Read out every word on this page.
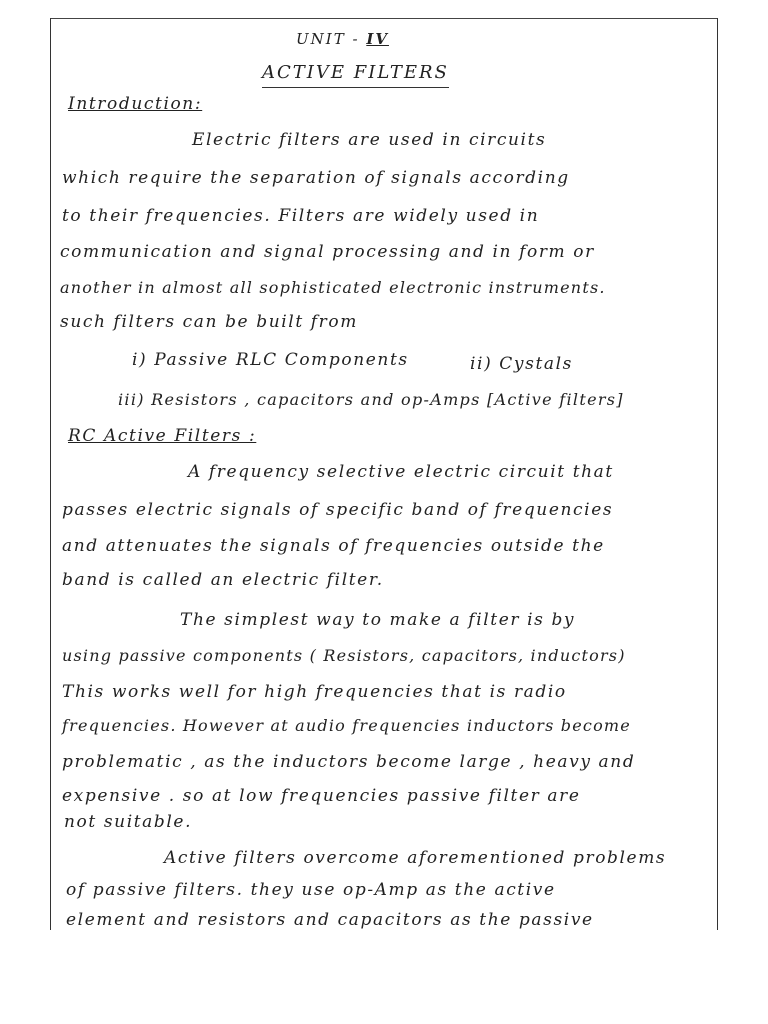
UNIT - IV
ACTIVE FILTERS
Introduction:
Electric filters are used in circuits
which require the separation of signals according
to their frequencies. Filters are widely used in
communication and signal processing and in form or
another in almost all sophisticated electronic instruments.
such filters can be built from
i) Passive RLC Components	ii) Cystals
iii) Resistors , capacitors and op-Amps [Active filters]
RC Active Filters :
A frequency selective electric circuit that
passes electric signals of specific band of frequencies
and attenuates the signals of frequencies outside the
band is called an electric filter.
The simplest way to make a filter is by
using passive components ( Resistors, capacitors, inductors)
This works well for high frequencies that is radio
frequencies. However at audio frequencies inductors become
problematic , as the inductors become large , heavy and
expensive . so at low frequencies passive filter are
not suitable.
Active filters overcome aforementioned problems
of passive filters. they use op-Amp as the active
element and resistors and capacitors as the passive
